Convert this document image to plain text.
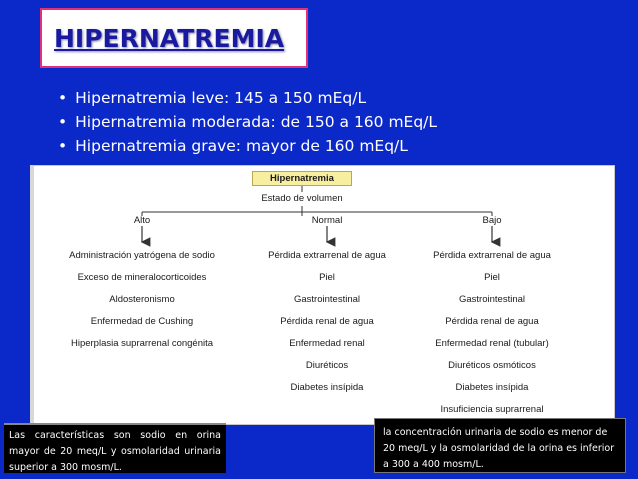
HIPERNATREMIA
• Hipernatremia leve: 145 a 150 mEq/L
• Hipernatremia moderada: de 150 a 160 mEq/L
• Hipernatremia grave: mayor de 160 mEq/L
Hipernatremia
Estado de volumen
Alto	Normal	Bajo
Administración yatrógena de sodio
Exceso de mineralocorticoides
Aldosteronismo
Enfermedad de Cushing
Hiperplasia suprarrenal congénita
Pérdida extrarrenal de agua
Piel
Gastrointestinal
Pérdida renal de agua
Enfermedad renal
Diuréticos
Diabetes insípida
Pérdida extrarrenal de agua
Piel
Gastrointestinal
Pérdida renal de agua
Enfermedad renal (tubular)
Diuréticos osmóticos
Diabetes insípida
Insuficiencia suprarrenal
Las características son sodio en orina mayor de 20 meq/L y osmolaridad urinaria superior a 300 mosm/L.
la concentración urinaria de sodio es menor de 20 meq/L y la osmolaridad de la orina es inferior a 300 a 400 mosm/L.
